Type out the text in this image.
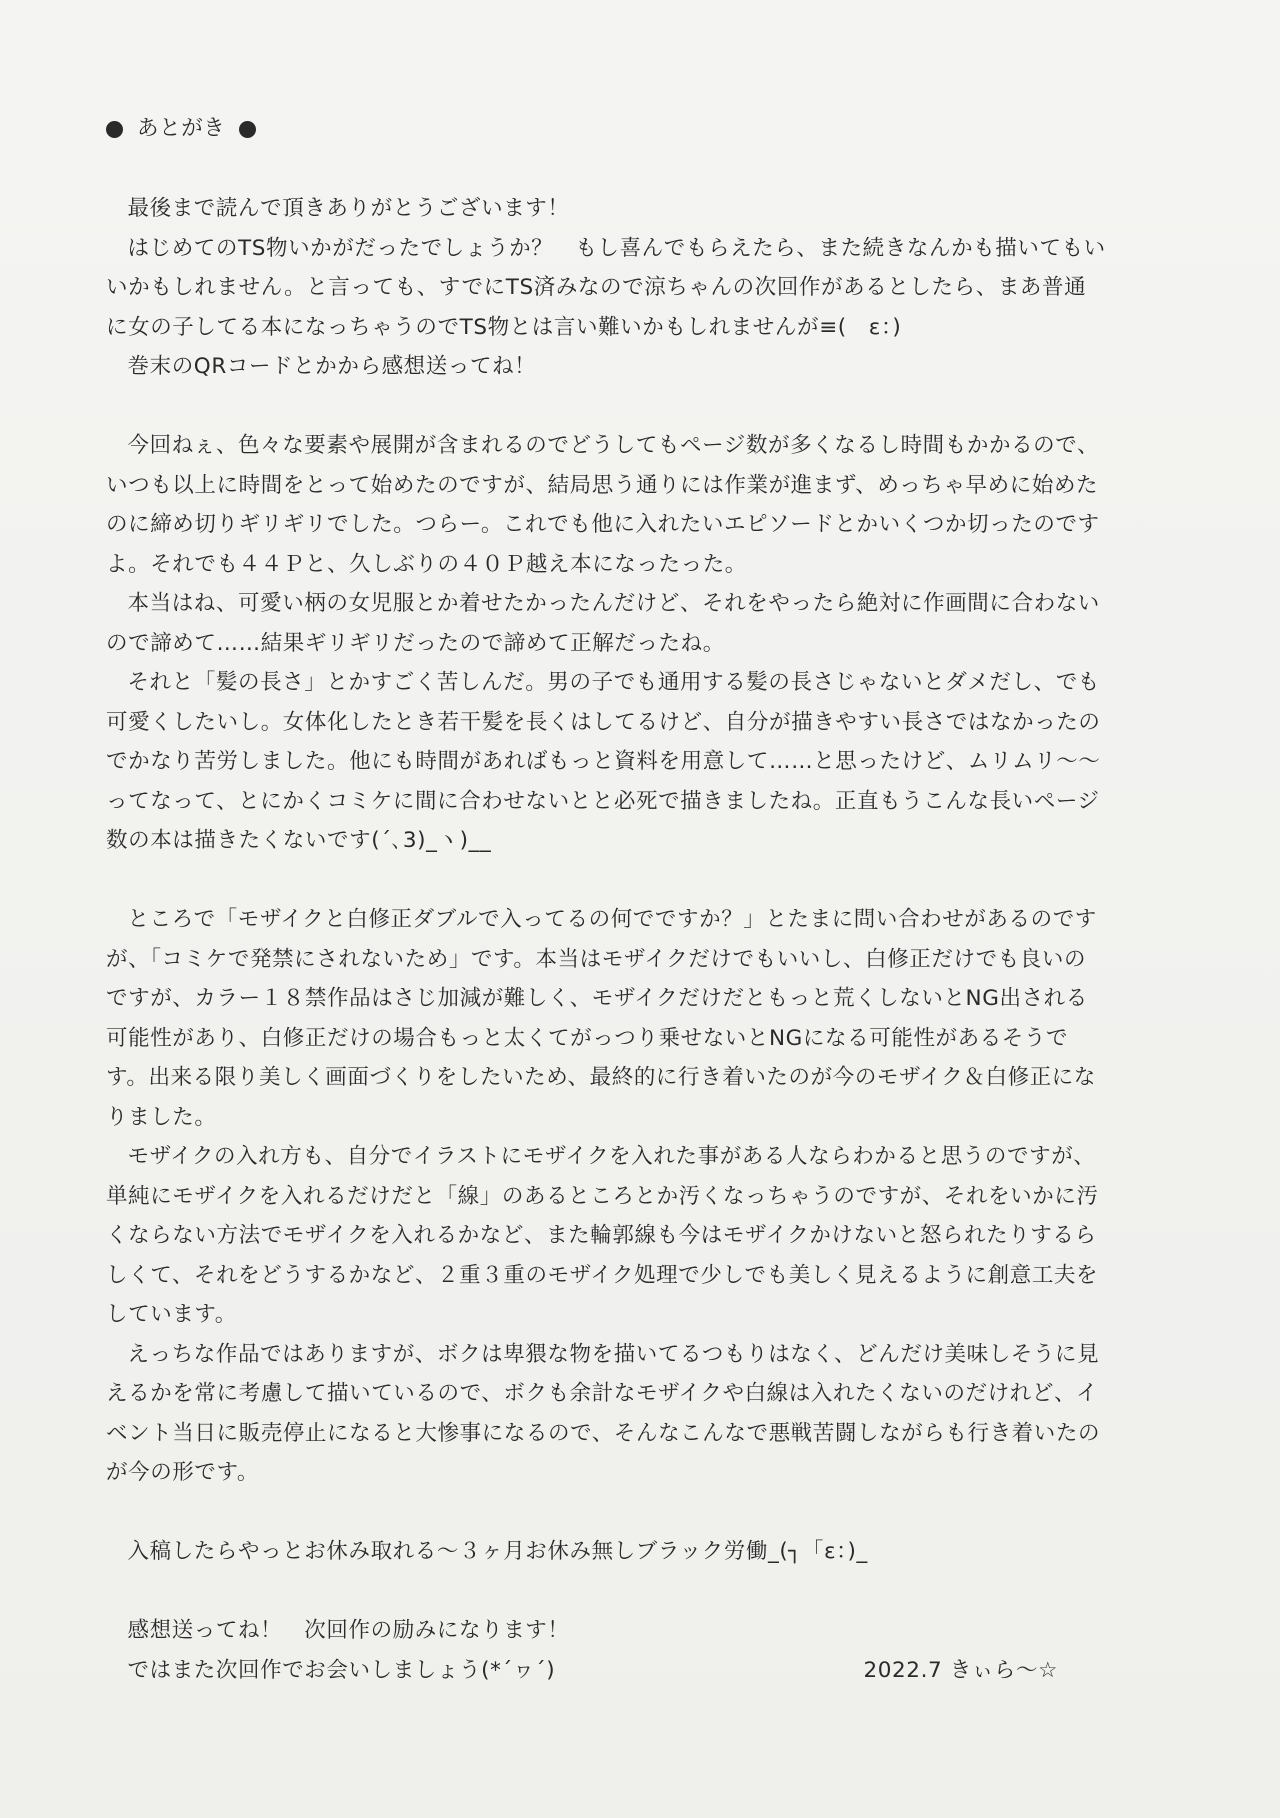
あとがき

最後まで読んで頂きありがとうございます！

はじめてのTS物いかがだったでしょうか？　もし喜んでもらえたら、また続きなんかも描いてもいいかもしれません。と言っても、すでにTS済みなので涼ちゃんの次回作があるとしたら、まあ普通に女の子してる本になっちゃうのでTS物とは言い難いかもしれませんが≡(　ε：)

巻末のQRコードとかから感想送ってね！

今回ねぇ、色々な要素や展開が含まれるのでどうしてもページ数が多くなるし時間もかかるので、いつも以上に時間をとって始めたのですが、結局思う通りには作業が進まず、めっちゃ早めに始めたのに締め切りギリギリでした。つらー。これでも他に入れたいエピソードとかいくつか切ったのですよ。それでも４４Ｐと、久しぶりの４０Ｐ越え本になったった。

本当はね、可愛い柄の女児服とか着せたかったんだけど、それをやったら絶対に作画間に合わないので諦めて……結果ギリギリだったので諦めて正解だったね。

それと「髪の長さ」とかすごく苦しんだ。男の子でも通用する髪の長さじゃないとダメだし、でも可愛くしたいし。女体化したとき若干髪を長くはしてるけど、自分が描きやすい長さではなかったのでかなり苦労しました。他にも時間があればもっと資料を用意して……と思ったけど、ムリムリ～～ってなって、とにかくコミケに間に合わせないとと必死で描きましたね。正直もうこんな長いページ数の本は描きたくないです(´､3)_ヽ)__

ところで「モザイクと白修正ダブルで入ってるの何でですか？」とたまに問い合わせがあるのですが、「コミケで発禁にされないため」です。本当はモザイクだけでもいいし、白修正だけでも良いのですが、カラー１８禁作品はさじ加減が難しく、モザイクだけだともっと荒くしないとNG出される可能性があり、白修正だけの場合もっと太くてがっつり乗せないとNGになる可能性があるそうです。出来る限り美しく画面づくりをしたいため、最終的に行き着いたのが今のモザイク＆白修正になりました。

モザイクの入れ方も、自分でイラストにモザイクを入れた事がある人ならわかると思うのですが、単純にモザイクを入れるだけだと「線」のあるところとか汚くなっちゃうのですが、それをいかに汚くならない方法でモザイクを入れるかなど、また輪郭線も今はモザイクかけないと怒られたりするらしくて、それをどうするかなど、２重３重のモザイク処理で少しでも美しく見えるように創意工夫をしています。

えっちな作品ではありますが、ボクは卑猥な物を描いてるつもりはなく、どんだけ美味しそうに見えるかを常に考慮して描いているので、ボクも余計なモザイクや白線は入れたくないのだけれど、イベント当日に販売停止になると大惨事になるので、そんなこんなで悪戦苦闘しながらも行き着いたのが今の形です。

入稿したらやっとお休み取れる～３ヶ月お休み無しブラック労働_(┐「ε：)_

感想送ってね！　次回作の励みになります！

ではまた次回作でお会いしましょう(*´ヮ´)	2022.7 きぃら～☆
